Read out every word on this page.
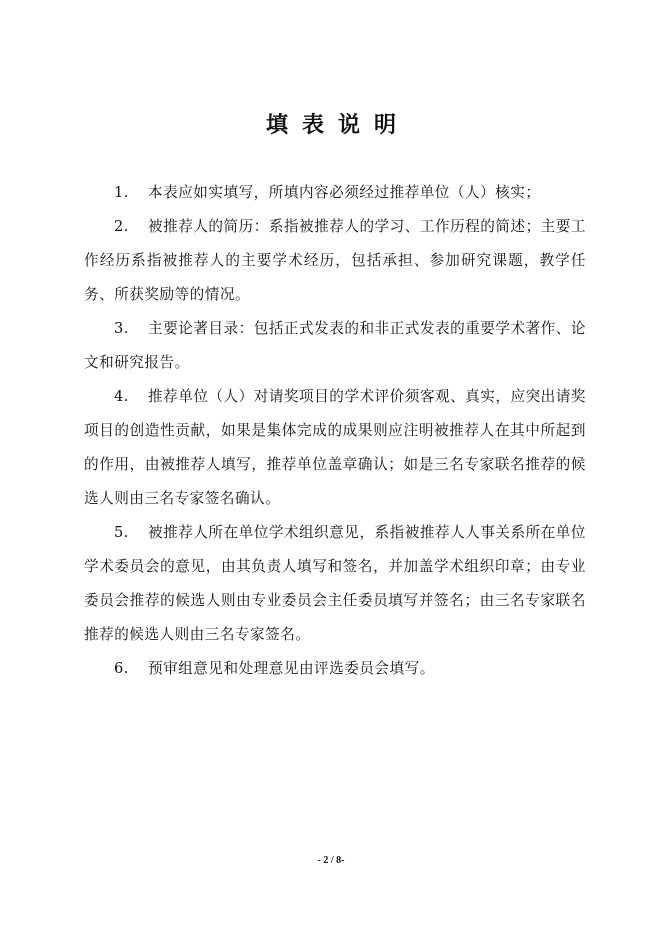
填表说明

1. 本表应如实填写，所填内容必须经过推荐单位（人）核实；

2. 被推荐人的简历：系指被推荐人的学习、工作历程的简述；主要工作经历系指被推荐人的主要学术经历，包括承担、参加研究课题，教学任务、所获奖励等的情况。

3. 主要论著目录：包括正式发表的和非正式发表的重要学术著作、论文和研究报告。

4. 推荐单位（人）对请奖项目的学术评价须客观、真实，应突出请奖项目的创造性贡献，如果是集体完成的成果则应注明被推荐人在其中所起到的作用，由被推荐人填写，推荐单位盖章确认；如是三名专家联名推荐的候选人则由三名专家签名确认。

5. 被推荐人所在单位学术组织意见，系指被推荐人人事关系所在单位学术委员会的意见，由其负责人填写和签名，并加盖学术组织印章；由专业委员会推荐的候选人则由专业委员会主任委员填写并签名；由三名专家联名推荐的候选人则由三名专家签名。

6. 预审组意见和处理意见由评选委员会填写。

- 2 / 8-
